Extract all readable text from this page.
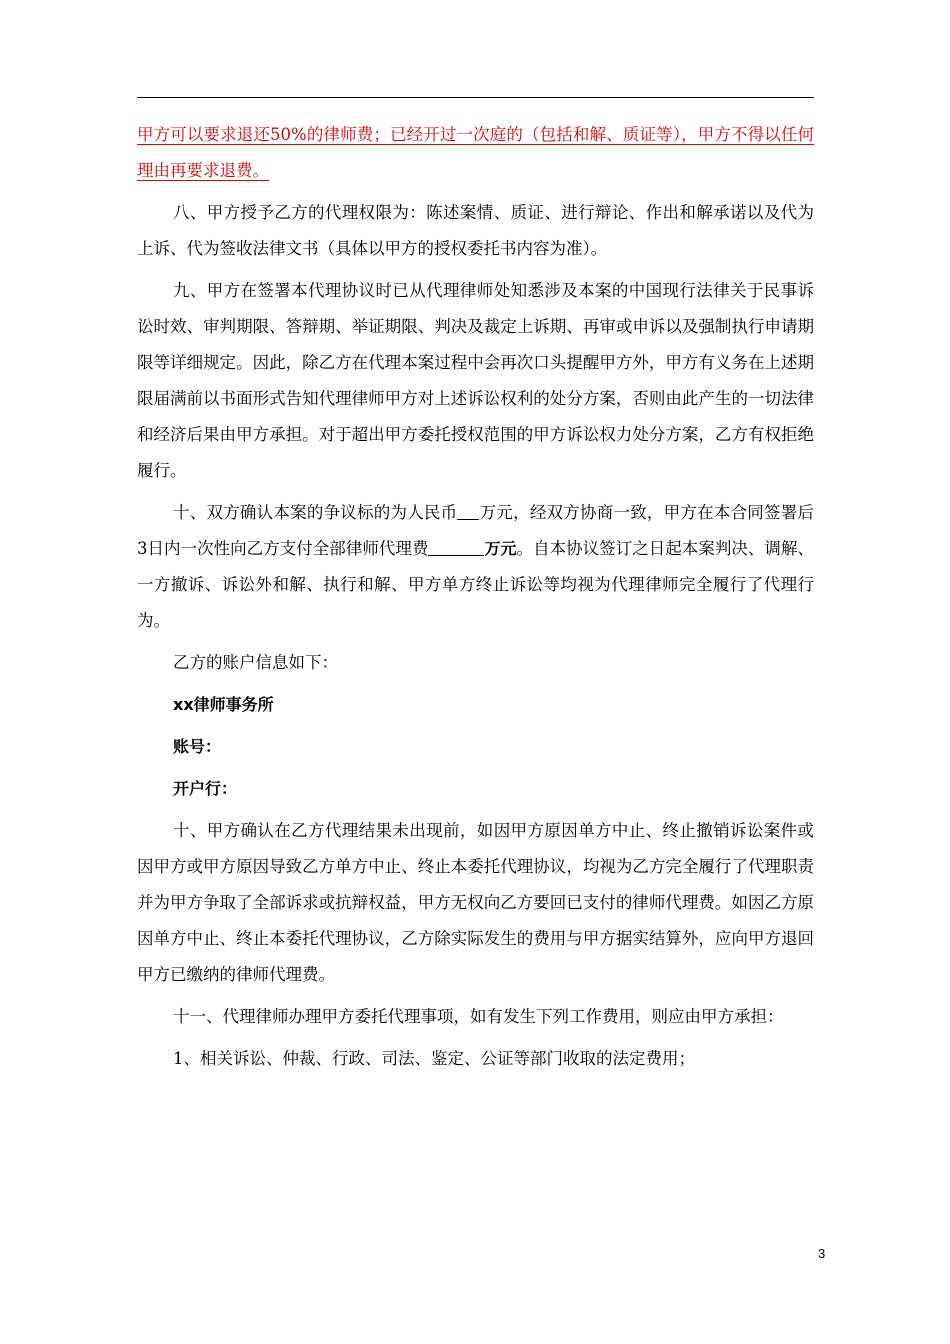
甲方可以要求退还50%的律师费；已经开过一次庭的（包括和解、质证等），甲方不得以任何理由再要求退费。

八、甲方授予乙方的代理权限为：陈述案情、质证、进行辩论、作出和解承诺以及代为上诉、代为签收法律文书（具体以甲方的授权委托书内容为准）。

九、甲方在签署本代理协议时已从代理律师处知悉涉及本案的中国现行法律关于民事诉讼时效、审判期限、答辩期、举证期限、判决及裁定上诉期、再审或申诉以及强制执行申请期限等详细规定。因此，除乙方在代理本案过程中会再次口头提醒甲方外，甲方有义务在上述期限届满前以书面形式告知代理律师甲方对上述诉讼权利的处分方案，否则由此产生的一切法律和经济后果由甲方承担。对于超出甲方委托授权范围的甲方诉讼权力处分方案，乙方有权拒绝履行。

十、双方确认本案的争议标的为人民币 万元，经双方协商一致，甲方在本合同签署后3日内一次性向乙方支付全部律师代理费	万元。自本协议签订之日起本案判决、调解、一方撤诉、诉讼外和解、执行和解、甲方单方终止诉讼等均视为代理律师完全履行了代理行为。

乙方的账户信息如下：

xx律师事务所

账号：

开户行：

十、甲方确认在乙方代理结果未出现前，如因甲方原因单方中止、终止撤销诉讼案件或因甲方或甲方原因导致乙方单方中止、终止本委托代理协议，均视为乙方完全履行了代理职责并为甲方争取了全部诉求或抗辩权益，甲方无权向乙方要回已支付的律师代理费。如因乙方原因单方中止、终止本委托代理协议，乙方除实际发生的费用与甲方据实结算外，应向甲方退回甲方已缴纳的律师代理费。

十一、代理律师办理甲方委托代理事项，如有发生下列工作费用，则应由甲方承担：

1、相关诉讼、仲裁、行政、司法、鉴定、公证等部门收取的法定费用；

3
